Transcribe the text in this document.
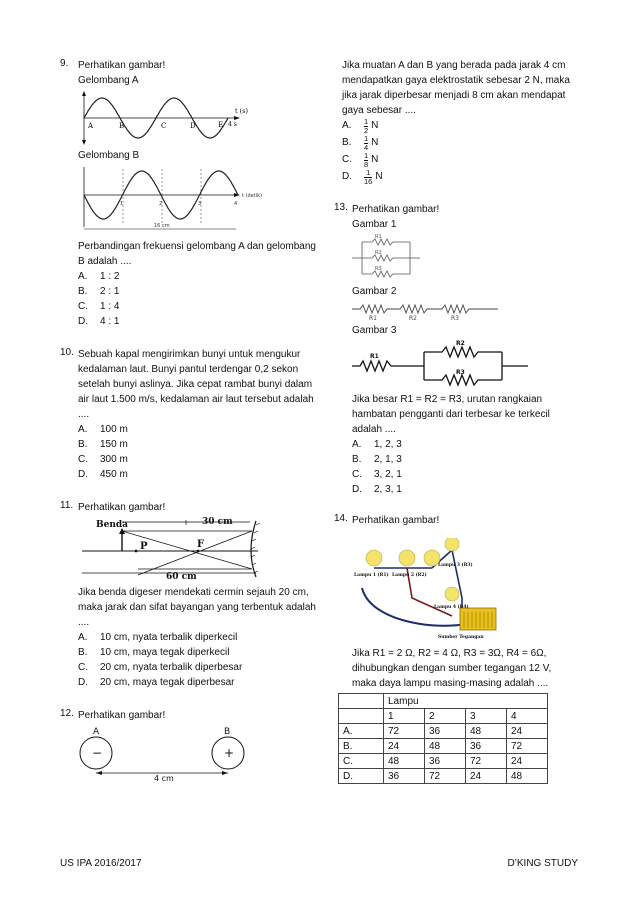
9. Perhatikan gambar!
Gelombang A
A	B	C	D	E
t (s)
4 s
Gelombang B
t (detik)
1	2	3	4
16 cm
Perbandingan frekuensi gelombang A dan gelombang B adalah ....
A.	1 : 2
B.	2 : 1
C.	1 : 4
D.	4 : 1
10. Sebuah kapal mengirimkan bunyi untuk mengukur kedalaman laut. Bunyi pantul terdengar 0,2 sekon setelah bunyi aslinya. Jika cepat rambat bunyi dalam air laut 1.500 m/s, kedalaman air laut tersebut adalah ....
A.	100 m
B.	150 m
C.	300 m
D.	450 m
11. Perhatikan gambar!
Benda	30 cm
P	F
60 cm
Jika benda digeser mendekati cermin sejauh 20 cm, maka jarak dan sifat bayangan yang terbentuk adalah ....
A.	10 cm, nyata terbalik diperkecil
B.	10 cm, maya tegak diperkecil
C.	20 cm, nyata terbalik diperbesar
D.	20 cm, maya tegak diperbesar
12. Perhatikan gambar!
A	B
−	+
4 cm
Jika muatan A dan B yang berada pada jarak 4 cm mendapatkan gaya elektrostatik sebesar 2 N, maka jika jarak diperbesar menjadi 8 cm akan mendapat gaya sebesar ....
A.	$\frac{1}{2}$ N
B.	$\frac{1}{4}$ N
C.	$\frac{1}{8}$ N
D.	$\frac{1}{16}$ N
13. Perhatikan gambar!
Gambar 1
R1
R2
R3
Gambar 2
R1	R2	R3
Gambar 3
R1
R2
R3
Jika besar R1 = R2 = R3, urutan rangkaian hambatan pengganti dari terbesar ke terkecil adalah ....
A.	1, 2, 3
B.	2, 1, 3
C.	3, 2, 1
D.	2, 3, 1
14. Perhatikan gambar!
Lampu 1 (R1) Lampu 2 (R2)
Lampu 3 (R3)
Lampu 4 (R4)
Sumber Tegangan
Jika R1 = 2 Ω, R2 = 4 Ω, R3 = 3Ω, R4 = 6Ω, dihubungkan dengan sumber tegangan 12 V, maka daya lampu masing-masing adalah ....
	Lampu			
	1	2	3	4
A.	72	36	48	24
B.	24	48	36	72
C.	48	36	72	24
D.	36	72	24	48
US IPA 2016/2017	D’KING STUDY
